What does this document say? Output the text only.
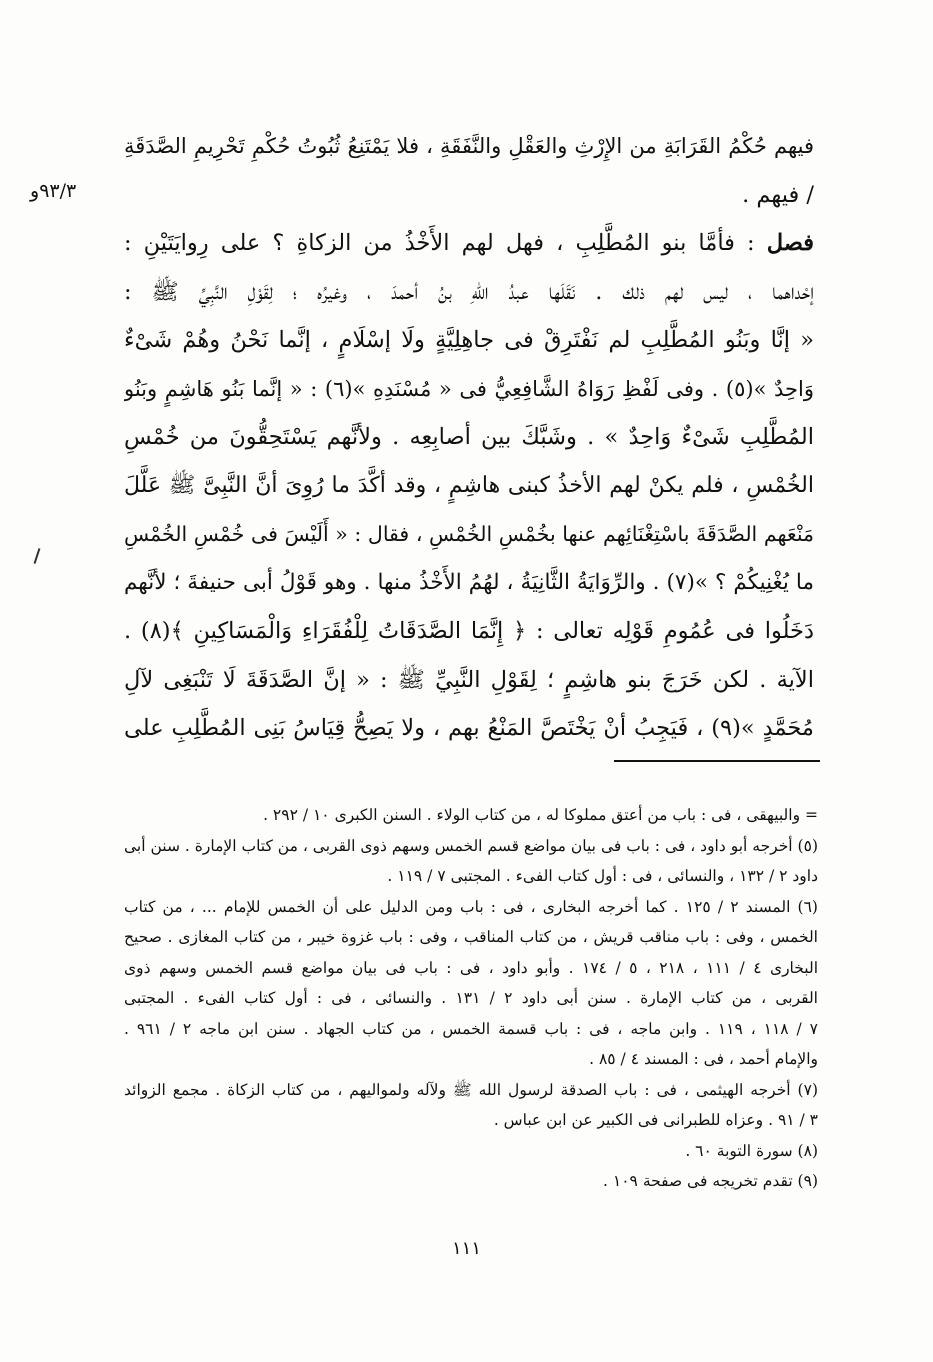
٩٣/٣و
فيهم حُكْمُ القَرَابَةِ من الإِرْثِ والعَقْلِ والنَّفَقَةِ ، فلا يَمْتَنِعُ ثُبُوتُ حُكْمِ تَحْرِيمِ الصَّدَقَةِ
/ فيهم .
فصل : فأمَّا بنو المُطَّلِبِ ، فهل لهم الأَخْذُ من الزكاةِ ؟ على رِوايَتَيْنِ :
إحْداهما ، ليس لهم ذلك . نَقَلَها عبدُ اللهِ بنُ أحمدَ ، وغيرُه ؛ لِقَوْلِ النَّبِيِّ ﷺ :
« إنَّا وبَنُو المُطَّلِبِ لم نَفْتَرِقْ فى جاهِلِيَّةٍ ولَا إسْلَامٍ ، إنَّما نَحْنُ وهُمْ شَىْءٌ
وَاحِدٌ »(٥) . وفى لَفْظِ رَوَاهُ الشَّافِعِيُّ فى « مُسْنَدِهِ »(٦) : « إنَّما بَنُو هَاشِمٍ وبَنُو
المُطَّلِبِ شَىْءٌ وَاحِدٌ » . وشَبَّكَ بين أصابِعِه . ولأنَّهم يَسْتَحِقُّونَ من خُمْسِ
الخُمْسِ ، فلم يكنْ لهم الأخذُ كبنى هاشِمٍ ، وقد أكَّدَ ما رُوِىَ أنَّ النَّبِىَّ ﷺ عَلَّلَ
مَنْعَهم الصَّدَقَةَ باسْتِغْنَائِهم عنها بخُمْسِ الخُمْسِ ، فقال : « أَلَيْسَ فى خُمْسِ الخُمْسِ
ما يُغْنِيكُمْ ؟ »(٧) . والرِّوَايَةُ الثَّانِيَةُ ، لهُمُ الأَخْذُ منها . وهو قَوْلُ أبى حنيفةَ ؛ لأنَّهم
دَخَلُوا فى عُمُومِ قَوْلِه تعالى : ﴿ إِنَّمَا الصَّدَقَاتُ لِلْفُقَرَاءِ وَالْمَسَاكِينِ ﴾(٨) .
الآية . لكن خَرَجَ بنو هاشِمٍ ؛ لِقَوْلِ النَّبِيِّ ﷺ : « إنَّ الصَّدَقَةَ لَا تَنْبَغِى لآلِ
مُحَمَّدٍ »(٩) ، فَيَجِبُ أنْ يَخْتَصَّ المَنْعُ بهم ، ولا يَصِحُّ قِيَاسُ بَنِى المُطَّلِبِ على
= والبيهقى ، فى : باب من أعتق مملوكا له ، من كتاب الولاء . السنن الكبرى ١٠ / ٢٩٢ .
(٥) أخرجه أبو داود ، فى : باب فى بيان مواضع قسم الخمس وسهم ذوى القربى ، من كتاب الإمارة . سنن أبى
داود ٢ / ١٣٢ ، والنسائى ، فى : أول كتاب الفىء . المجتبى ٧ / ١١٩ .
(٦) المسند ٢ / ١٢٥ . كما أخرجه البخارى ، فى : باب ومن الدليل على أن الخمس للإمام ... ، من كتاب
الخمس ، وفى : باب مناقب قريش ، من كتاب المناقب ، وفى : باب غزوة خيبر ، من كتاب المغازى . صحيح
البخارى ٤ / ١١١ ، ٢١٨ ، ٥ / ١٧٤ . وأبو داود ، فى : باب فى بيان مواضع قسم الخمس وسهم ذوى
القربى ، من كتاب الإمارة . سنن أبى داود ٢ / ١٣١ . والنسائى ، فى : أول كتاب الفىء . المجتبى
٧ / ١١٨ ، ١١٩ . وابن ماجه ، فى : باب قسمة الخمس ، من كتاب الجهاد . سنن ابن ماجه ٢ / ٩٦١ .
والإمام أحمد ، فى : المسند ٤ / ٨٥ .
(٧) أخرجه الهيثمى ، فى : باب الصدقة لرسول الله ﷺ ولآله ولمواليهم ، من كتاب الزكاة . مجمع الزوائد
٣ / ٩١ . وعزاه للطبرانى فى الكبير عن ابن عباس .
(٨) سورة التوبة ٦٠ .
(٩) تقدم تخريجه فى صفحة ١٠٩ .
١١١
